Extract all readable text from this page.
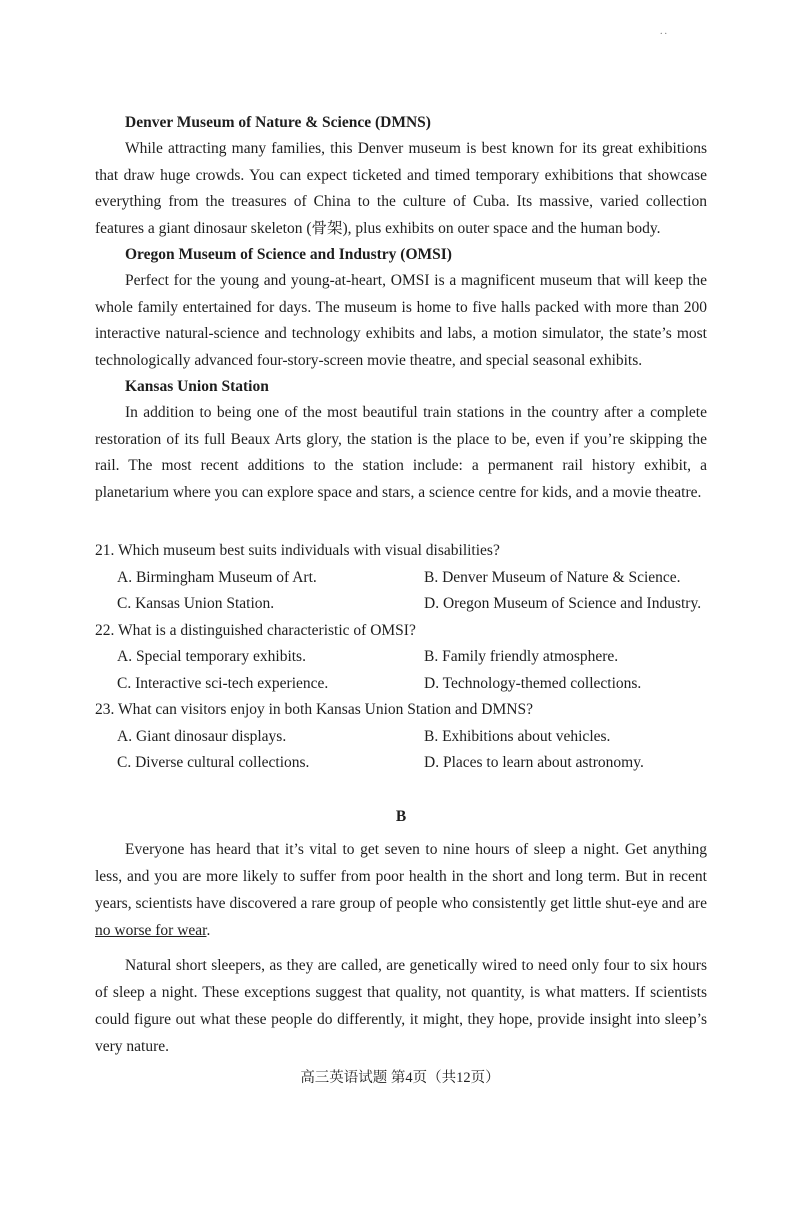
..

Denver Museum of Nature & Science (DMNS)

While attracting many families, this Denver museum is best known for its great exhibitions that draw huge crowds. You can expect ticketed and timed temporary exhibitions that showcase everything from the treasures of China to the culture of Cuba. Its massive, varied collection features a giant dinosaur skeleton (骨架), plus exhibits on outer space and the human body.

Oregon Museum of Science and Industry (OMSI)

Perfect for the young and young-at-heart, OMSI is a magnificent museum that will keep the whole family entertained for days. The museum is home to five halls packed with more than 200 interactive natural-science and technology exhibits and labs, a motion simulator, the state’s most technologically advanced four-story-screen movie theatre, and special seasonal exhibits.

Kansas Union Station

In addition to being one of the most beautiful train stations in the country after a complete restoration of its full Beaux Arts glory, the station is the place to be, even if you’re skipping the rail. The most recent additions to the station include: a permanent rail history exhibit, a planetarium where you can explore space and stars, a science centre for kids, and a movie theatre.

21. Which museum best suits individuals with visual disabilities?
A. Birmingham Museum of Art.	B. Denver Museum of Nature & Science.
C. Kansas Union Station.	D. Oregon Museum of Science and Industry.
22. What is a distinguished characteristic of OMSI?
A. Special temporary exhibits.	B. Family friendly atmosphere.
C. Interactive sci-tech experience.	D. Technology-themed collections.
23. What can visitors enjoy in both Kansas Union Station and DMNS?
A. Giant dinosaur displays.	B. Exhibitions about vehicles.
C. Diverse cultural collections.	D. Places to learn about astronomy.
B

Everyone has heard that it’s vital to get seven to nine hours of sleep a night. Get anything less, and you are more likely to suffer from poor health in the short and long term. But in recent years, scientists have discovered a rare group of people who consistently get little shut-eye and are no worse for wear.

Natural short sleepers, as they are called, are genetically wired to need only four to six hours of sleep a night. These exceptions suggest that quality, not quantity, is what matters. If scientists could figure out what these people do differently, it might, they hope, provide insight into sleep’s very nature.

高三英语试题 第4页（共12页）
